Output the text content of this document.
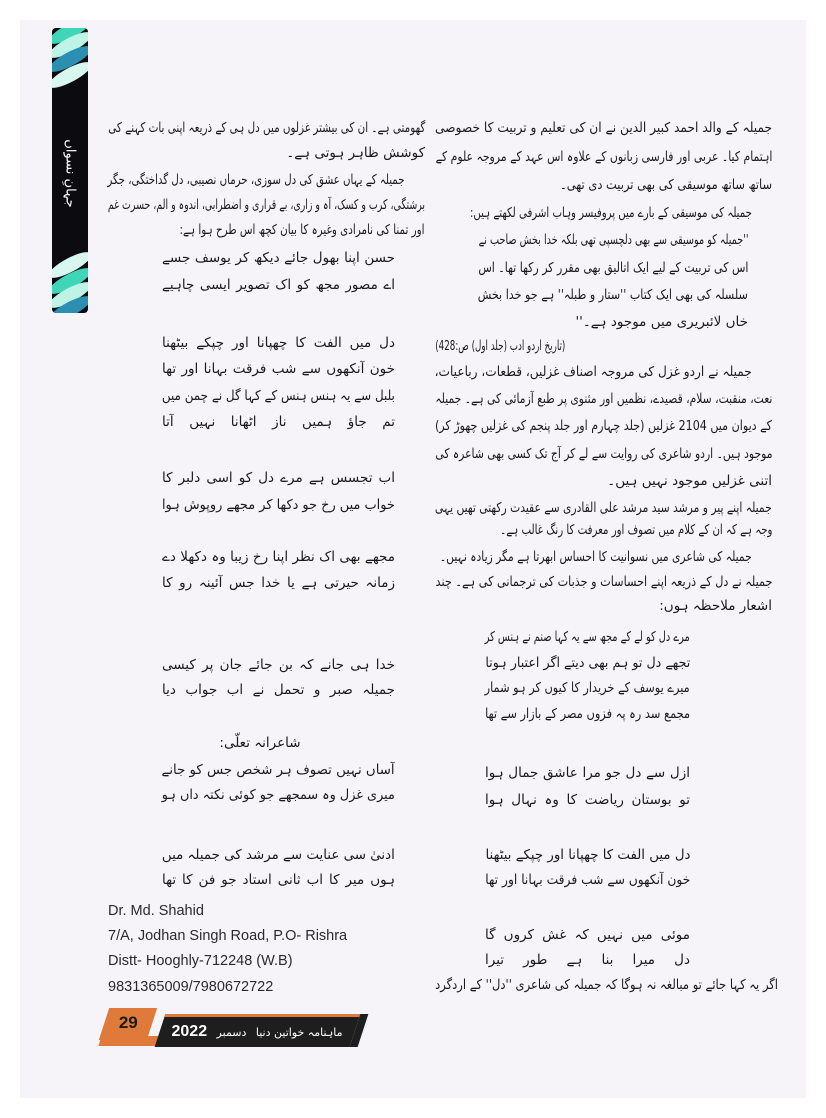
جہانِ نسواں
جمیلہ کے والد احمد کبیر الدین نے ان کی تعلیم و تربیت کا خصوصی
اہتمام کیا۔ عربی اور فارسی زبانوں کے علاوہ اس عہد کے مروجہ علوم کے
ساتھ ساتھ موسیقی کی بھی تربیت دی تھی۔
جمیلہ کی موسیقی کے بارے میں پروفیسر وہاب اشرفی لکھتے ہیں:
''جمیلہ کو موسیقی سے بھی دلچسپی تھی بلکہ خدا بخش صاحب نے
اس کی تربیت کے لیے ایک اتالیق بھی مقرر کر رکھا تھا۔ اس
سلسلہ کی بھی ایک کتاب ''ستار و طبلہ'' ہے جو خدا بخش
خاں لائبریری میں موجود ہے۔''
(تاریخ اردو ادب (جلد اول) ص:428)
جمیلہ نے اردو غزل کی مروجہ اصناف غزلیں، قطعات، رباعیات،
نعت، منقبت، سلام، قصیدے، نظمیں اور مثنوی پر طبع آزمائی کی ہے۔ جمیلہ
کے دیوان میں 2104 غزلیں (جلد چہارم اور جلد پنجم کی غزلیں چھوڑ کر)
موجود ہیں۔ اردو شاعری کی روایت سے لے کر آج تک کسی بھی شاعرہ کی
اتنی غزلیں موجود نہیں ہیں۔
جمیلہ اپنے پیر و مرشد سید مرشد علی القادری سے عقیدت رکھتی تھیں یہی
وجہ ہے کہ ان کے کلام میں تصوف اور معرفت کا رنگ غالب ہے۔
جمیلہ کی شاعری میں نسوانیت کا احساس ابھرتا ہے مگر زیادہ نہیں۔
جمیلہ نے دل کے ذریعہ اپنے احساسات و جذبات کی ترجمانی کی ہے۔ چند
اشعار ملاحظہ ہوں:
مرے دل کو لے کے مجھ سے یہ کہا صنم نے ہنس کر
تجھے دل تو ہم بھی دیتے اگر اعتبار ہوتا
میرے یوسف کے خریدار کا کیوں کر ہو شمار
مجمع سد رہ پہ فزوں مصر کے بازار سے تھا
ازل سے دل جو مرا عاشق جمال ہوا
تو بوستان ریاضت کا وہ نہال ہوا
دل میں الفت کا چھپانا اور چپکے بیٹھنا
خون آنکھوں سے شب فرقت بہانا اور تھا
موئی میں نہیں کہ غش کروں گا
دل میرا بنا ہے طور تیرا
اگر یہ کہا جائے تو مبالغہ نہ ہوگا کہ جمیلہ کی شاعری ''دل'' کے اردگرد
گھومتی ہے۔ ان کی بیشتر غزلوں میں دل ہی کے ذریعہ اپنی بات کہنے کی
کوشش ظاہر ہوتی ہے۔
جمیلہ کے یہاں عشق کی دل سوزی، حرماں نصیبی، دل گداختگی، جگر
برشتگی، کرب و کسک، آہ و زاری، بے قراری و اضطرابی، اندوہ و الم، حسرت غم
اور تمنا کی نامرادی وغیرہ کا بیان کچھ اس طرح ہوا ہے:
حسن اپنا بھول جائے دیکھ کر یوسف جسے
اے مصور مجھ کو اک تصویر ایسی چاہیے
دل میں الفت کا چھپانا اور چپکے بیٹھنا
خون آنکھوں سے شب فرقت بہانا اور تھا
بلبل سے یہ ہنس ہنس کے کہا گل نے چمن میں
تم جاؤ ہمیں ناز اٹھانا نہیں آتا
اب تجسس ہے مرے دل کو اسی دلبر کا
خواب میں رخ جو دکھا کر مجھے روپوش ہوا
مجھے بھی اک نظر اپنا رخ زیبا وہ دکھلا دے
زمانہ حیرتی ہے یا خدا جس آئینہ رو کا
خدا ہی جانے کہ بن جائے جان پر کیسی
جمیلہ صبر و تحمل نے اب جواب دیا
شاعرانہ تعلّی:
آساں نہیں تصوف ہر شخص جس کو جانے
میری غزل وہ سمجھے جو کوئی نکتہ داں ہو
ادنیٰ سی عنایت سے مرشد کی جمیلہ میں
ہوں میر کا اب ثانی استاد جو فن کا تھا
Dr. Md. Shahid
7/A, Jodhan Singh Road, P.O- Rishra
Distt- Hooghly-712248 (W.B)
9831365009/7980672722
29	2022 دسمبر ماہنامہ خواتین دنیا
